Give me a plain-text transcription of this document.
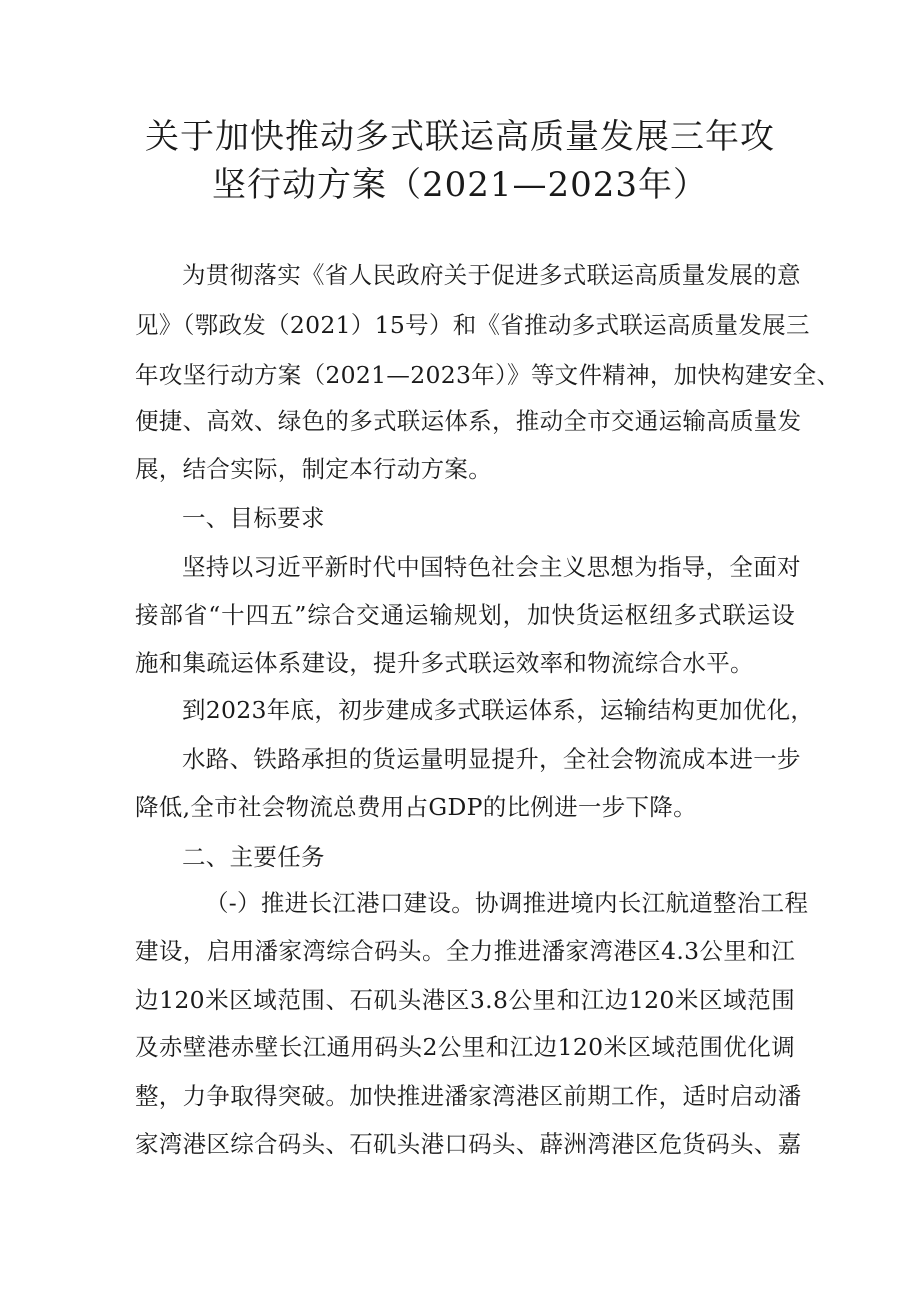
关于加快推动多式联运高质量发展三年攻
坚行动方案（2021—2023年）

为贯彻落实《省人民政府关于促进多式联运高质量发展的意

见》（鄂政发（2021）15号）和《省推动多式联运高质量发展三

年攻坚行动方案（2021—2023年）》等文件精神，加快构建安全、

便捷、高效、绿色的多式联运体系，推动全市交通运输高质量发

展，结合实际，制定本行动方案。

一、目标要求

坚持以习近平新时代中国特色社会主义思想为指导，全面对

接部省“十四五”综合交通运输规划，加快货运枢纽多式联运设

施和集疏运体系建设，提升多式联运效率和物流综合水平。

到2023年底，初步建成多式联运体系，运输结构更加优化，

水路、铁路承担的货运量明显提升，全社会物流成本进一步

降低,全市社会物流总费用占GDP的比例进一步下降。

二、主要任务

（-）推进长江港口建设。协调推进境内长江航道整治工程

建设，启用潘家湾综合码头。全力推进潘家湾港区4.3公里和江

边120米区域范围、石矶头港区3.8公里和江边120米区域范围

及赤壁港赤壁长江通用码头2公里和江边120米区域范围优化调

整，力争取得突破。加快推进潘家湾港区前期工作，适时启动潘

家湾港区综合码头、石矶头港口码头、薜洲湾港区危货码头、嘉
